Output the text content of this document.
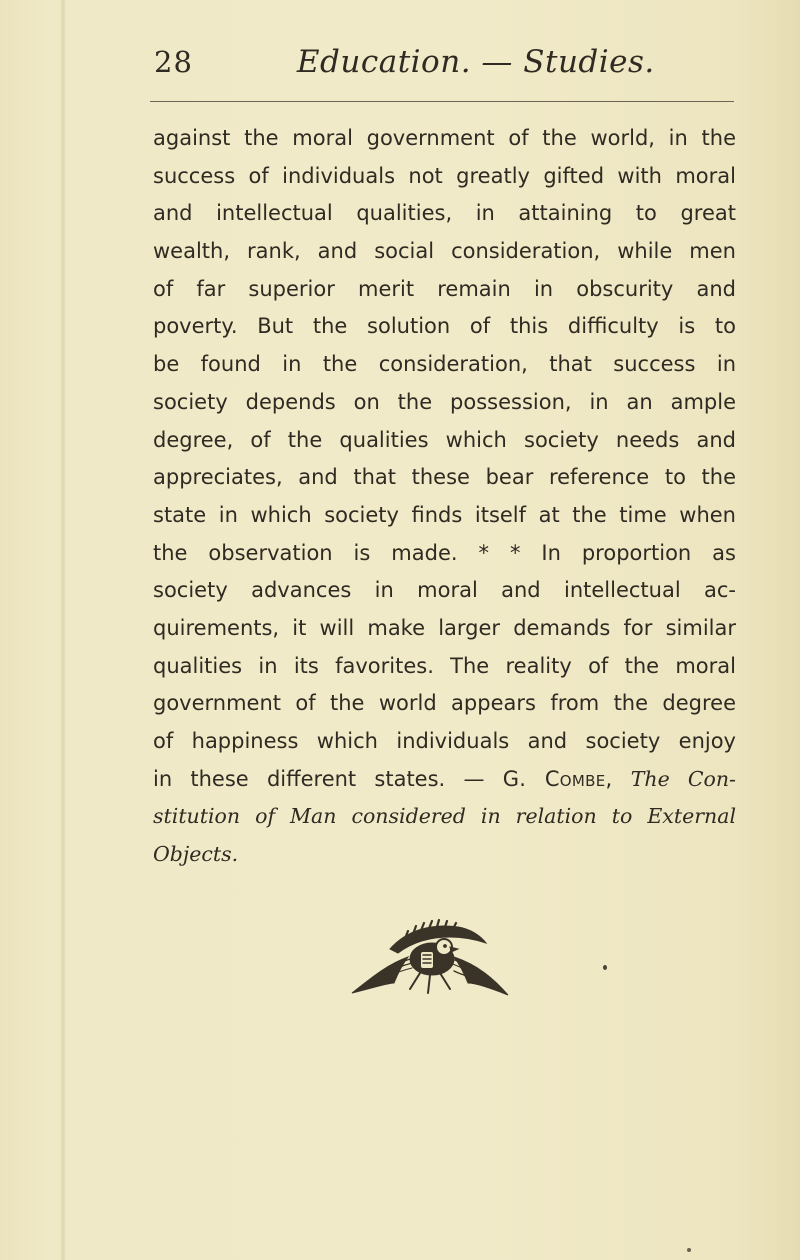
28	Education. — Studies.
against the moral government of the world, in the
success of individuals not greatly gifted with moral
and intellectual qualities, in attaining to great
wealth, rank, and social consideration, while men
of far superior merit remain in obscurity and
poverty. But the solution of this difficulty is to
be found in the consideration, that success in
society depends on the possession, in an ample
degree, of the qualities which society needs and
appreciates, and that these bear reference to the
state in which society finds itself at the time when
the observation is made. * * In proportion as
society advances in moral and intellectual ac-
quirements, it will make larger demands for similar
qualities in its favorites. The reality of the moral
government of the world appears from the degree
of happiness which individuals and society enjoy
in these different states. — G. Combe, The Con-
stitution of Man considered in relation to External
Objects.
